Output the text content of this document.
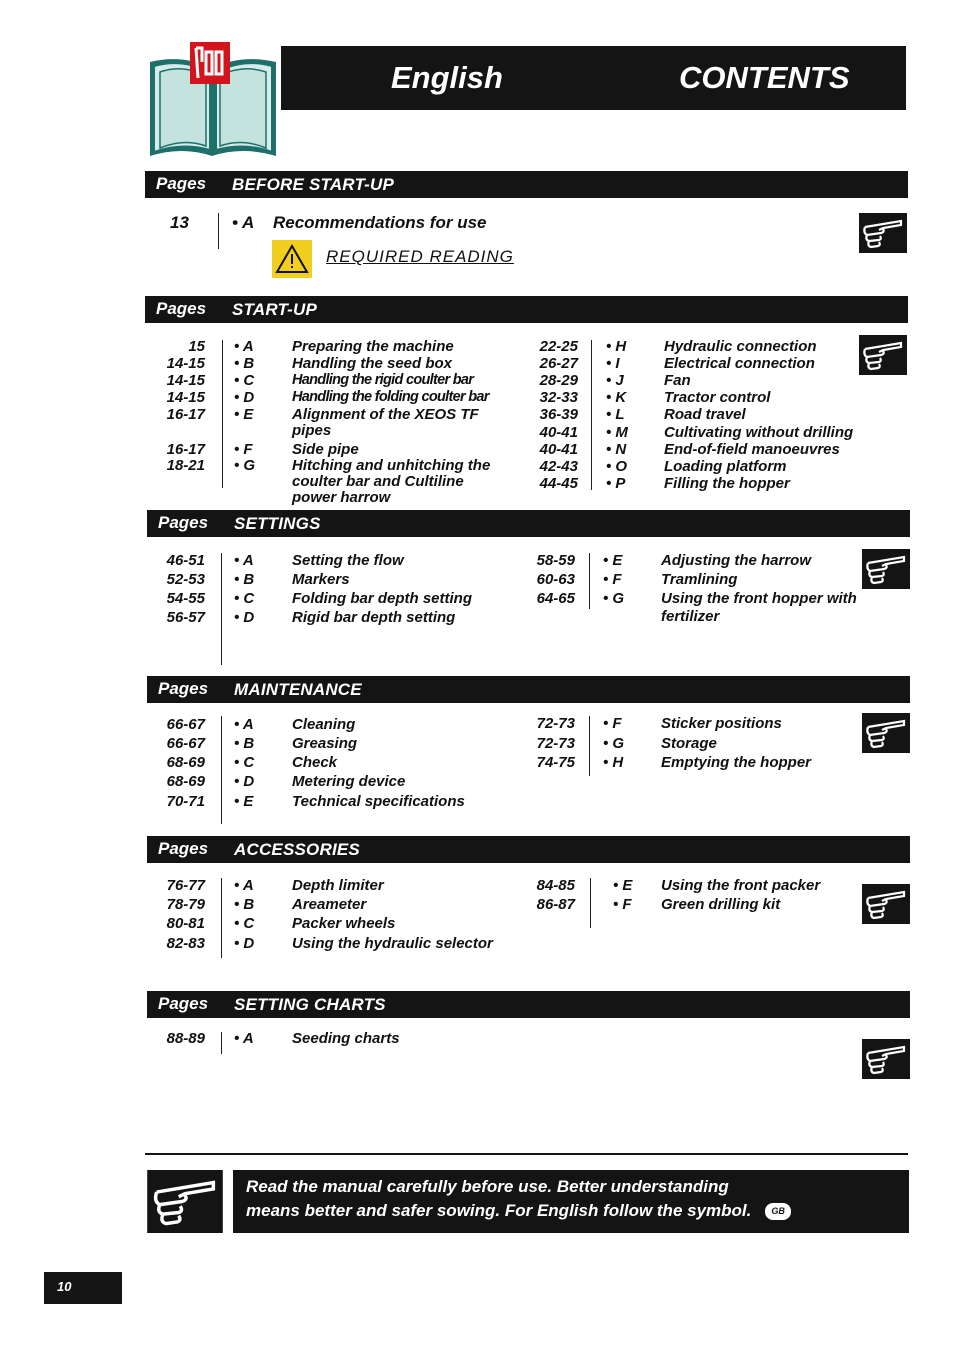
English	CONTENTS
Pages BEFORE START-UP
13	• A Recommendations for use
REQUIRED READING
Pages START-UP
Pages SETTINGS
Pages MAINTENANCE
Pages ACCESSORIES
Pages SETTING CHARTS
15 • A	Preparing the machine
14-15 • B	Handling the seed box
14-15 • C	Handling the rigid coulter bar
14-15 • D	Handling the folding coulter bar
16-17 • E	Alignment of the XEOS TF
pipes
16-17 • F	Side pipe
18-21 • G Hitching and unhitching the
coulter bar and Cultiline
power harrow
22-25 • H	Hydraulic connection
26-27 • I	Electrical connection
28-29 • J	Fan
32-33 • K	Tractor control
36-39 • L	Road travel
40-41 • M Cultivating without drilling
40-41 • N	End-of-field manoeuvres
42-43 • O Loading platform
44-45 • P	Filling the hopper
46-51 • A	Setting the flow
52-53 • B	Markers
54-55 • C	Folding bar depth setting
56-57 • D	Rigid bar depth setting
58-59 • E	Adjusting the harrow
60-63 • F	Tramlining
64-65 • G Using the front hopper with
fertilizer
66-67 • A	Cleaning
66-67 • B	Greasing
68-69 • C	Check
68-69 • D	Metering device
70-71 • E	Technical specifications
72-73 • F	Sticker positions
72-73 • G Storage
74-75 • H	Emptying the hopper
76-77 • A	Depth limiter
78-79 • B	Areameter
80-81 • C	Packer wheels
82-83 • D	Using the hydraulic selector
84-85	• E Using the front packer
86-87	• F Green drilling kit
88-89 • A	Seeding charts
Read the manual carefully before use. Better understanding
means better and safer sowing. For English follow the symbol. GB
10
